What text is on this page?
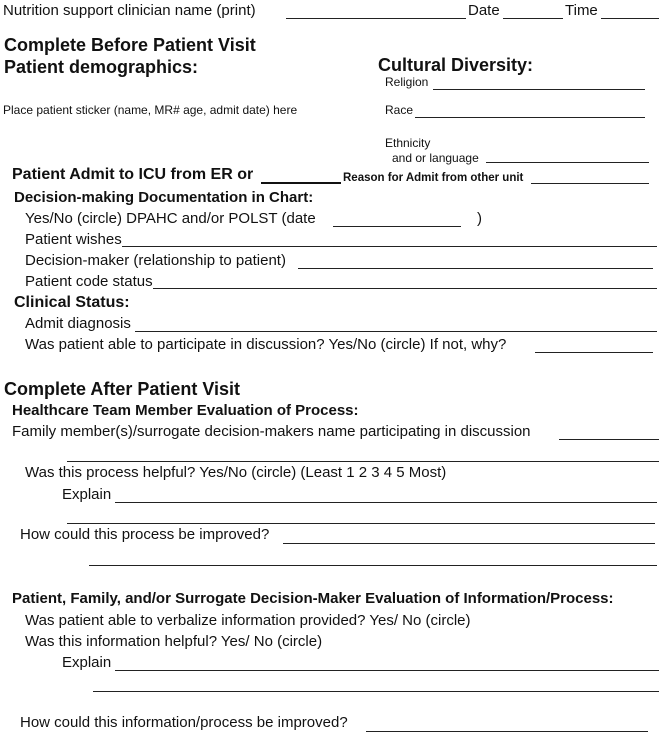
Nutrition support clinician name (print)	Date	Time
Complete Before Patient Visit
Patient demographics:
Place patient sticker (name, MR# age, admit date) here
Cultural Diversity:
Religion
Race
Ethnicity
and or language
Patient Admit to ICU from ER or	Reason for Admit from other unit
Decision-making Documentation in Chart:
Yes/No (circle) DPAHC and/or POLST (date	)
Patient wishes
Decision-maker (relationship to patient)
Patient code status
Clinical Status:
Admit diagnosis
Was patient able to participate in discussion? Yes/No (circle) If not, why?
Complete After Patient Visit
Healthcare Team Member Evaluation of Process:
Family member(s)/surrogate decision-makers name participating in discussion
Was this process helpful? Yes/No (circle) (Least 1 2 3 4 5 Most)
Explain
How could this process be improved?
Patient, Family, and/or Surrogate Decision-Maker Evaluation of Information/Process:
Was patient able to verbalize information provided? Yes/ No (circle)
Was this information helpful? Yes/ No (circle)
Explain
How could this information/process be improved?
